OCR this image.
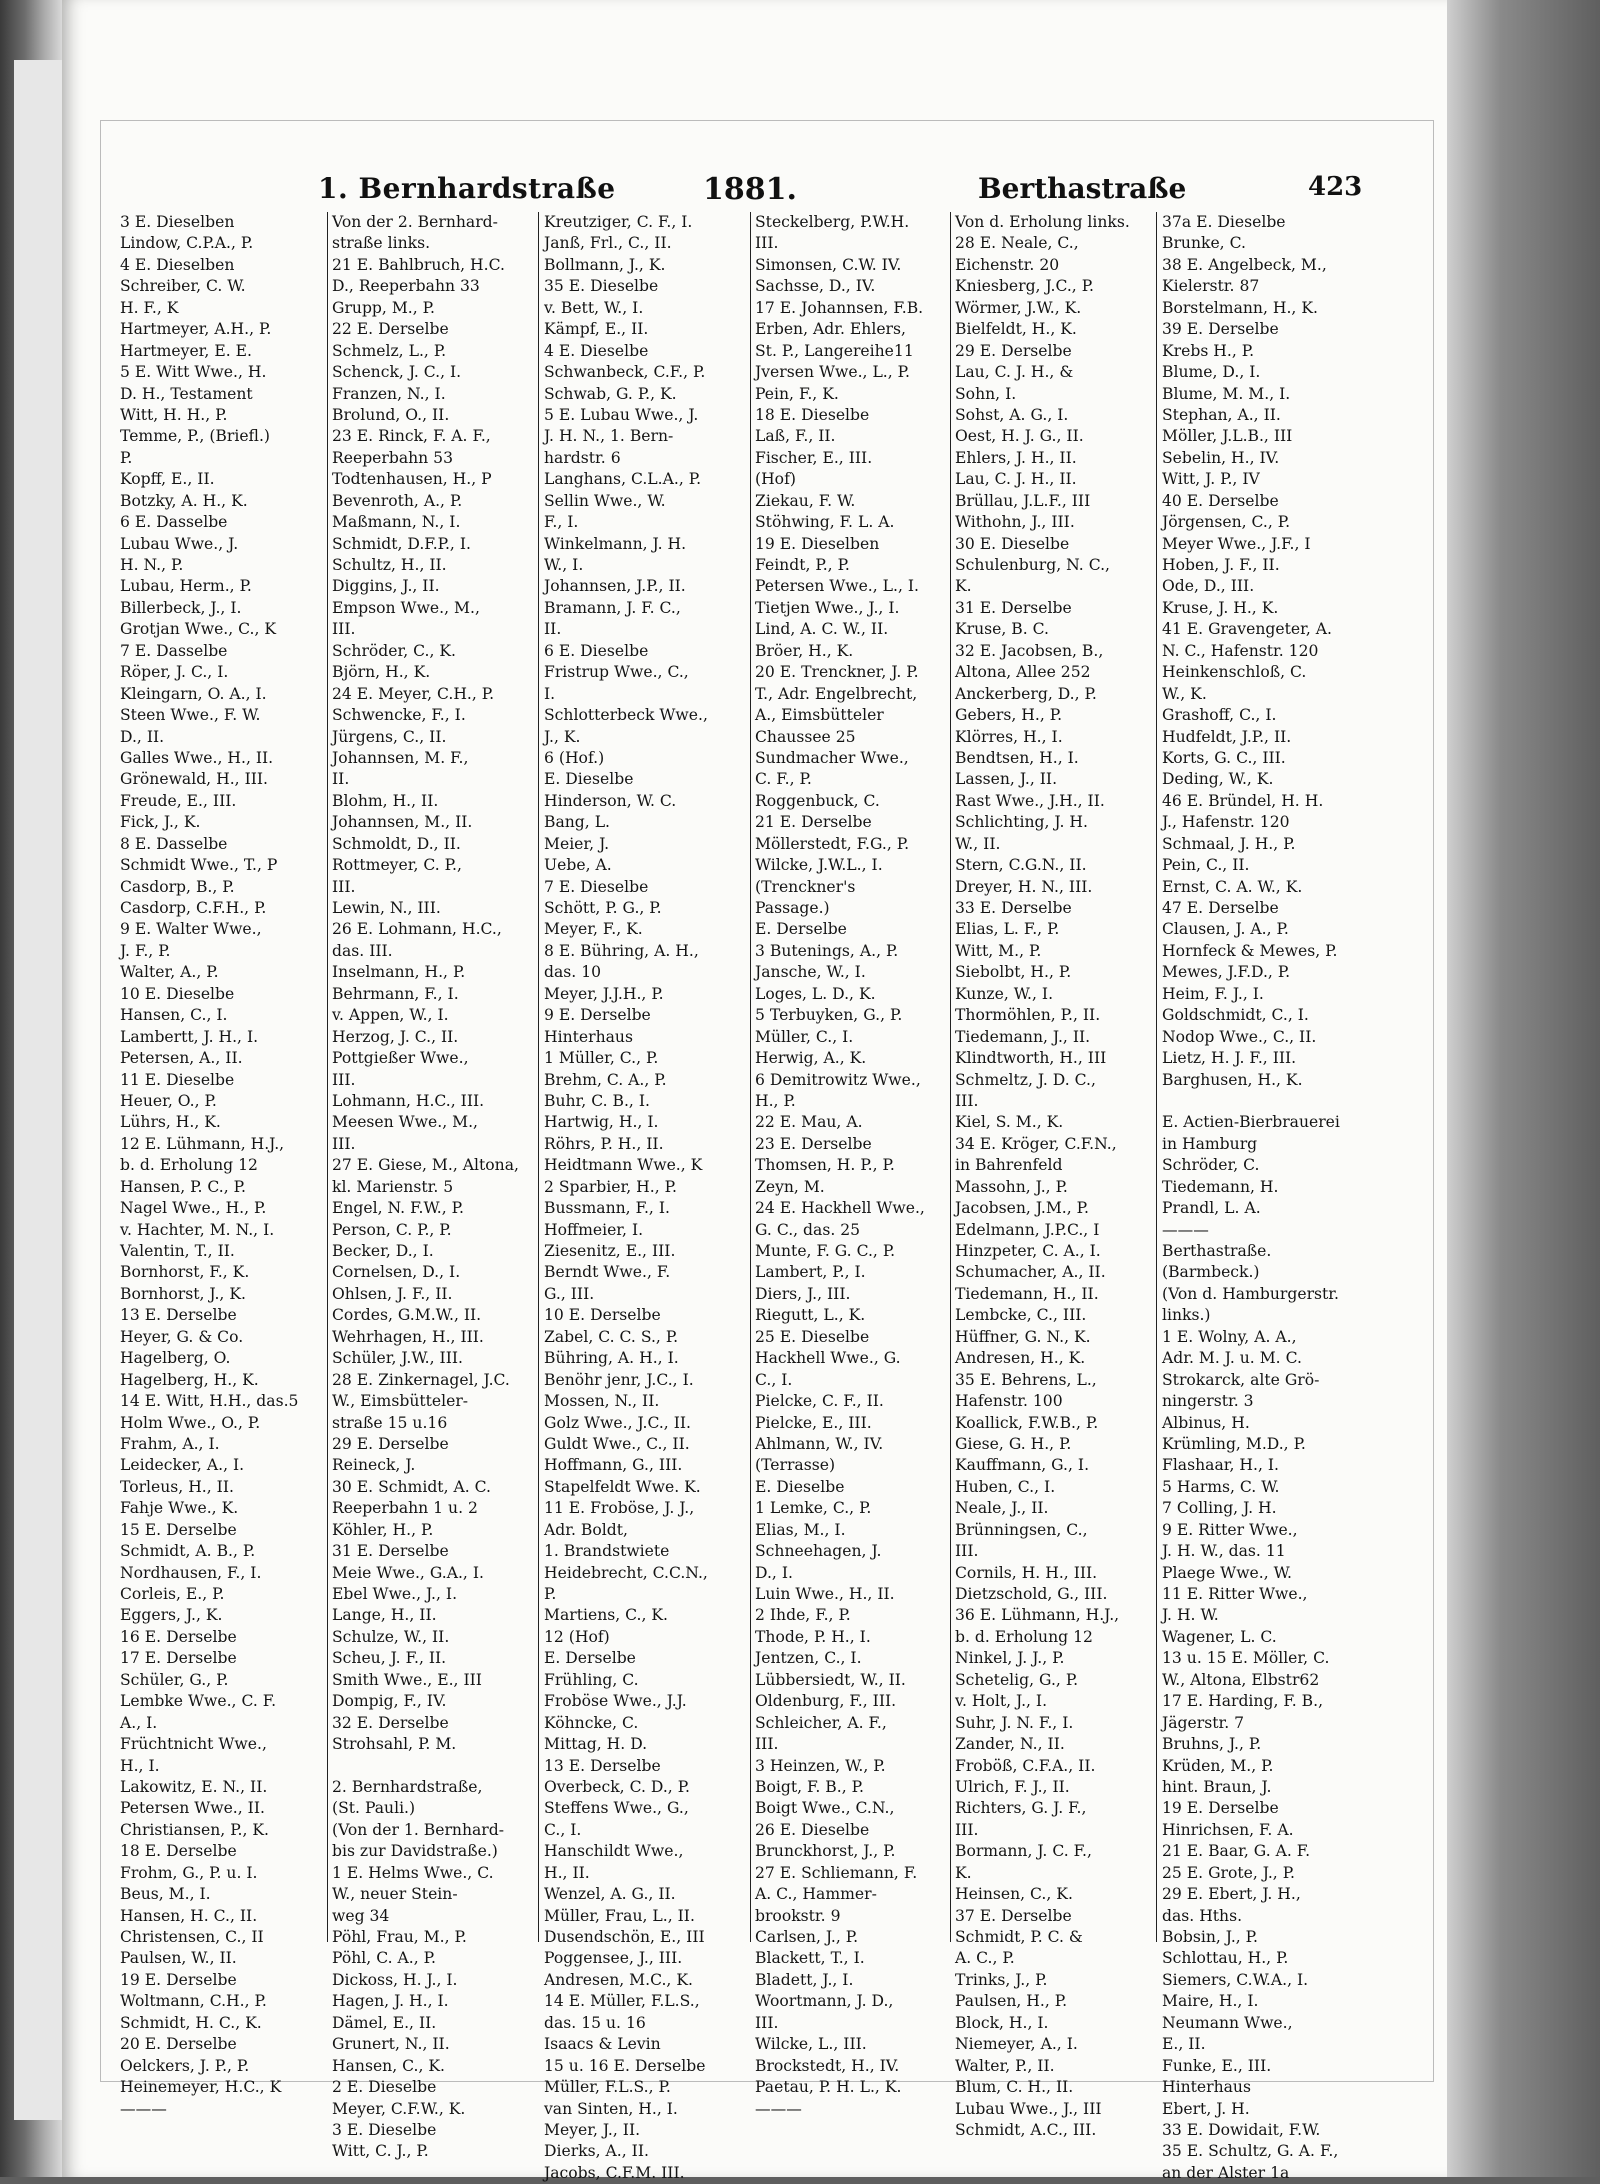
1. Bernhardstraße	1881.	Berthastraße	423
3 E. Dieselben
Lindow, C.P.A., P.
4 E. Dieselben
Schreiber, C. W.
H. F., K
Hartmeyer, A.H., P.
Hartmeyer, E. E.
5 E. Witt Wwe., H.
D. H., Testament
Witt, H. H., P.
Temme, P., (Briefl.)
P.
Kopff, E., II.
Botzky, A. H., K.
6 E. Dasselbe
Lubau Wwe., J.
H. N., P.
Lubau, Herm., P.
Billerbeck, J., I.
Grotjan Wwe., C., K
7 E. Dasselbe
Röper, J. C., I.
Kleingarn, O. A., I.
Steen Wwe., F. W.
D., II.
Galles Wwe., H., II.
Grönewald, H., III.
Freude, E., III.
Fick, J., K.
8 E. Dasselbe
Schmidt Wwe., T., P
Casdorp, B., P.
Casdorp, C.F.H., P.
9 E. Walter Wwe.,
J. F., P.
Walter, A., P.
10 E. Dieselbe
Hansen, C., I.
Lambertt, J. H., I.
Petersen, A., II.
11 E. Dieselbe
Heuer, O., P.
Lührs, H., K.
12 E. Lühmann, H.J.,
b. d. Erholung 12
Hansen, P. C., P.
Nagel Wwe., H., P.
v. Hachter, M. N., I.
Valentin, T., II.
Bornhorst, F., K.
Bornhorst, J., K.
13 E. Derselbe
Heyer, G. & Co.
Hagelberg, O.
Hagelberg, H., K.
14 E. Witt, H.H., das.5
Holm Wwe., O., P.
Frahm, A., I.
Leidecker, A., I.
Torleus, H., II.
Fahje Wwe., K.
15 E. Derselbe
Schmidt, A. B., P.
Nordhausen, F., I.
Corleis, E., P.
Eggers, J., K.
16 E. Derselbe
17 E. Derselbe
Schüler, G., P.
Lembke Wwe., C. F.
A., I.
Früchtnicht Wwe.,
H., I.
Lakowitz, E. N., II.
Petersen Wwe., II.
Christiansen, P., K.
18 E. Derselbe
Frohm, G., P. u. I.
Beus, M., I.
Hansen, H. C., II.
Christensen, C., II
Paulsen, W., II.
19 E. Derselbe
Woltmann, C.H., P.
Schmidt, H. C., K.
20 E. Derselbe
Oelckers, J. P., P.
Heinemeyer, H.C., K
———
Von der 2. Bernhard-
straße links.
21 E. Bahlbruch, H.C.
D., Reeperbahn 33
Grupp, M., P.
22 E. Derselbe
Schmelz, L., P.
Schenck, J. C., I.
Franzen, N., I.
Brolund, O., II.
23 E. Rinck, F. A. F.,
Reeperbahn 53
Todtenhausen, H., P
Bevenroth, A., P.
Maßmann, N., I.
Schmidt, D.F.P., I.
Schultz, H., II.
Diggins, J., II.
Empson Wwe., M.,
III.
Schröder, C., K.
Björn, H., K.
24 E. Meyer, C.H., P.
Schwencke, F., I.
Jürgens, C., II.
Johannsen, M. F.,
II.
Blohm, H., II.
Johannsen, M., II.
Schmoldt, D., II.
Rottmeyer, C. P.,
III.
Lewin, N., III.
26 E. Lohmann, H.C.,
das. III.
Inselmann, H., P.
Behrmann, F., I.
v. Appen, W., I.
Herzog, J. C., II.
Pottgießer Wwe.,
III.
Lohmann, H.C., III.
Meesen Wwe., M.,
III.
27 E. Giese, M., Altona,
kl. Marienstr. 5
Engel, N. F.W., P.
Person, C. P., P.
Becker, D., I.
Cornelsen, D., I.
Ohlsen, J. F., II.
Cordes, G.M.W., II.
Wehrhagen, H., III.
Schüler, J.W., III.
28 E. Zinkernagel, J.C.
W., Eimsbütteler-
straße 15 u.16
29 E. Derselbe
Reineck, J.
30 E. Schmidt, A. C.
Reeperbahn 1 u. 2
Köhler, H., P.
31 E. Derselbe
Meie Wwe., G.A., I.
Ebel Wwe., J., I.
Lange, H., II.
Schulze, W., II.
Scheu, J. F., II.
Smith Wwe., E., III
Dompig, F., IV.
32 E. Derselbe
Strohsahl, P. M.
2. Bernhardstraße,
(St. Pauli.)
(Von der 1. Bernhard-
bis zur Davidstraße.)
1 E. Helms Wwe., C.
W., neuer Stein-
weg 34
Pöhl, Frau, M., P.
Pöhl, C. A., P.
Dickoss, H. J., I.
Hagen, J. H., I.
Dämel, E., II.
Grunert, N., II.
Hansen, C., K.
2 E. Dieselbe
Meyer, C.F.W., K.
3 E. Dieselbe
Witt, C. J., P.
Kreutziger, C. F., I.
Janß, Frl., C., II.
Bollmann, J., K.
35 E. Dieselbe
v. Bett, W., I.
Kämpf, E., II.
4 E. Dieselbe
Schwanbeck, C.F., P.
Schwab, G. P., K.
5 E. Lubau Wwe., J.
J. H. N., 1. Bern-
hardstr. 6
Langhans, C.L.A., P.
Sellin Wwe., W.
F., I.
Winkelmann, J. H.
W., I.
Johannsen, J.P., II.
Bramann, J. F. C.,
II.
6 E. Dieselbe
Fristrup Wwe., C.,
I.
Schlotterbeck Wwe.,
J., K.
6 (Hof.)
E. Dieselbe
Hinderson, W. C.
Bang, L.
Meier, J.
Uebe, A.
7 E. Dieselbe
Schött, P. G., P.
Meyer, F., K.
8 E. Bühring, A. H.,
das. 10
Meyer, J.J.H., P.
9 E. Derselbe
Hinterhaus
1 Müller, C., P.
Brehm, C. A., P.
Buhr, C. B., I.
Hartwig, H., I.
Röhrs, P. H., II.
Heidtmann Wwe., K
2 Sparbier, H., P.
Bussmann, F., I.
Hoffmeier, I.
Ziesenitz, E., III.
Berndt Wwe., F.
G., III.
10 E. Derselbe
Zabel, C. C. S., P.
Bühring, A. H., I.
Benöhr jenr, J.C., I.
Mossen, N., II.
Golz Wwe., J.C., II.
Guldt Wwe., C., II.
Hoffmann, G., III.
Stapelfeldt Wwe. K.
11 E. Froböse, J. J.,
Adr. Boldt,
1. Brandstwiete
Heidebrecht, C.C.N.,
P.
Martiens, C., K.
12 (Hof)
E. Derselbe
Frühling, C.
Froböse Wwe., J.J.
Köhncke, C.
Mittag, H. D.
13 E. Derselbe
Overbeck, C. D., P.
Steffens Wwe., G.,
C., I.
Hanschildt Wwe.,
H., II.
Wenzel, A. G., II.
Müller, Frau, L., II.
Dusendschön, E., III
Poggensee, J., III.
Andresen, M.C., K.
14 E. Müller, F.L.S.,
das. 15 u. 16
Isaacs & Levin
15 u. 16 E. Derselbe
Müller, F.L.S., P.
van Sinten, H., I.
Meyer, J., II.
Dierks, A., II.
Jacobs, C.F.M. III.
Steckelberg, P.W.H.
III.
Simonsen, C.W. IV.
Sachsse, D., IV.
17 E. Johannsen, F.B.
Erben, Adr. Ehlers,
St. P., Langereihe11
Jversen Wwe., L., P.
Pein, F., K.
18 E. Dieselbe
Laß, F., II.
Fischer, E., III.
(Hof)
Ziekau, F. W.
Stöhwing, F. L. A.
19 E. Dieselben
Feindt, P., P.
Petersen Wwe., L., I.
Tietjen Wwe., J., I.
Lind, A. C. W., II.
Bröer, H., K.
20 E. Trenckner, J. P.
T., Adr. Engelbrecht,
A., Eimsbütteler
Chaussee 25
Sundmacher Wwe.,
C. F., P.
Roggenbuck, C.
21 E. Derselbe
Möllerstedt, F.G., P.
Wilcke, J.W.L., I.
(Trenckner's
Passage.)
E. Derselbe
3 Butenings, A., P.
Jansche, W., I.
Loges, L. D., K.
5 Terbuyken, G., P.
Müller, C., I.
Herwig, A., K.
6 Demitrowitz Wwe.,
H., P.
22 E. Mau, A.
23 E. Derselbe
Thomsen, H. P., P.
Zeyn, M.
24 E. Hackhell Wwe.,
G. C., das. 25
Munte, F. G. C., P.
Lambert, P., I.
Diers, J., III.
Riegutt, L., K.
25 E. Dieselbe
Hackhell Wwe., G.
C., I.
Pielcke, C. F., II.
Pielcke, E., III.
Ahlmann, W., IV.
(Terrasse)
E. Dieselbe
1 Lemke, C., P.
Elias, M., I.
Schneehagen, J.
D., I.
Luin Wwe., H., II.
2 Ihde, F., P.
Thode, P. H., I.
Jentzen, C., I.
Lübbersiedt, W., II.
Oldenburg, F., III.
Schleicher, A. F.,
III.
3 Heinzen, W., P.
Boigt, F. B., P.
Boigt Wwe., C.N.,
26 E. Dieselbe
Brunckhorst, J., P.
27 E. Schliemann, F.
A. C., Hammer-
brookstr. 9
Carlsen, J., P.
Blackett, T., I.
Bladett, J., I.
Woortmann, J. D.,
III.
Wilcke, L., III.
Brockstedt, H., IV.
Paetau, P. H. L., K.
———
Von d. Erholung links.
28 E. Neale, C.,
Eichenstr. 20
Kniesberg, J.C., P.
Wörmer, J.W., K.
Bielfeldt, H., K.
29 E. Derselbe
Lau, C. J. H., &
Sohn, I.
Sohst, A. G., I.
Oest, H. J. G., II.
Ehlers, J. H., II.
Lau, C. J. H., II.
Brüllau, J.L.F., III
Withohn, J., III.
30 E. Dieselbe
Schulenburg, N. C.,
K.
31 E. Derselbe
Kruse, B. C.
32 E. Jacobsen, B.,
Altona, Allee 252
Anckerberg, D., P.
Gebers, H., P.
Klörres, H., I.
Bendtsen, H., I.
Lassen, J., II.
Rast Wwe., J.H., II.
Schlichting, J. H.
W., II.
Stern, C.G.N., II.
Dreyer, H. N., III.
33 E. Derselbe
Elias, L. F., P.
Witt, M., P.
Siebolbt, H., P.
Kunze, W., I.
Thormöhlen, P., II.
Tiedemann, J., II.
Klindtworth, H., III
Schmeltz, J. D. C.,
III.
Kiel, S. M., K.
34 E. Kröger, C.F.N.,
in Bahrenfeld
Massohn, J., P.
Jacobsen, J.M., P.
Edelmann, J.P.C., I
Hinzpeter, C. A., I.
Schumacher, A., II.
Tiedemann, H., II.
Lembcke, C., III.
Hüffner, G. N., K.
Andresen, H., K.
35 E. Behrens, L.,
Hafenstr. 100
Koallick, F.W.B., P.
Giese, G. H., P.
Kauffmann, G., I.
Huben, C., I.
Neale, J., II.
Brünningsen, C.,
III.
Cornils, H. H., III.
Dietzschold, G., III.
36 E. Lühmann, H.J.,
b. d. Erholung 12
Ninkel, J. J., P.
Schetelig, G., P.
v. Holt, J., I.
Suhr, J. N. F., I.
Zander, N., II.
Froböß, C.F.A., II.
Ulrich, F. J., II.
Richters, G. J. F.,
III.
Bormann, J. C. F.,
K.
Heinsen, C., K.
37 E. Derselbe
Schmidt, P. C. &
A. C., P.
Trinks, J., P.
Paulsen, H., P.
Block, H., I.
Niemeyer, A., I.
Walter, P., II.
Blum, C. H., II.
Lubau Wwe., J., III
Schmidt, A.C., III.
37a E. Dieselbe
Brunke, C.
38 E. Angelbeck, M.,
Kielerstr. 87
Borstelmann, H., K.
39 E. Derselbe
Krebs H., P.
Blume, D., I.
Blume, M. M., I.
Stephan, A., II.
Möller, J.L.B., III
Sebelin, H., IV.
Witt, J. P., IV
40 E. Derselbe
Jörgensen, C., P.
Meyer Wwe., J.F., I
Hoben, J. F., II.
Ode, D., III.
Kruse, J. H., K.
41 E. Gravengeter, A.
N. C., Hafenstr. 120
Heinkenschloß, C.
W., K.
Grashoff, C., I.
Hudfeldt, J.P., II.
Korts, G. C., III.
Deding, W., K.
46 E. Bründel, H. H.
J., Hafenstr. 120
Schmaal, J. H., P.
Pein, C., II.
Ernst, C. A. W., K.
47 E. Derselbe
Clausen, J. A., P.
Hornfeck & Mewes, P.
Mewes, J.F.D., P.
Heim, F. J., I.
Goldschmidt, C., I.
Nodop Wwe., C., II.
Lietz, H. J. F., III.
Barghusen, H., K.
E. Actien-Bierbrauerei
in Hamburg
Schröder, C.
Tiedemann, H.
Prandl, L. A.
———
Berthastraße.
(Barmbeck.)
(Von d. Hamburgerstr.
links.)
1 E. Wolny, A. A.,
Adr. M. J. u. M. C.
Strokarck, alte Grö-
ningerstr. 3
Albinus, H.
Krümling, M.D., P.
Flashaar, H., I.
5 Harms, C. W.
7 Colling, J. H.
9 E. Ritter Wwe.,
J. H. W., das. 11
Plaege Wwe., W.
11 E. Ritter Wwe.,
J. H. W.
Wagener, L. C.
13 u. 15 E. Möller, C.
W., Altona, Elbstr62
17 E. Harding, F. B.,
Jägerstr. 7
Bruhns, J., P.
Krüden, M., P.
hint. Braun, J.
19 E. Derselbe
Hinrichsen, F. A.
21 E. Baar, G. A. F.
25 E. Grote, J., P.
29 E. Ebert, J. H.,
das. Hths.
Bobsin, J., P.
Schlottau, H., P.
Siemers, C.W.A., I.
Maire, H., I.
Neumann Wwe.,
E., II.
Funke, E., III.
Hinterhaus
Ebert, J. H.
33 E. Dowidait, F.W.
35 E. Schultz, G. A. F.,
an der Alster 1a
